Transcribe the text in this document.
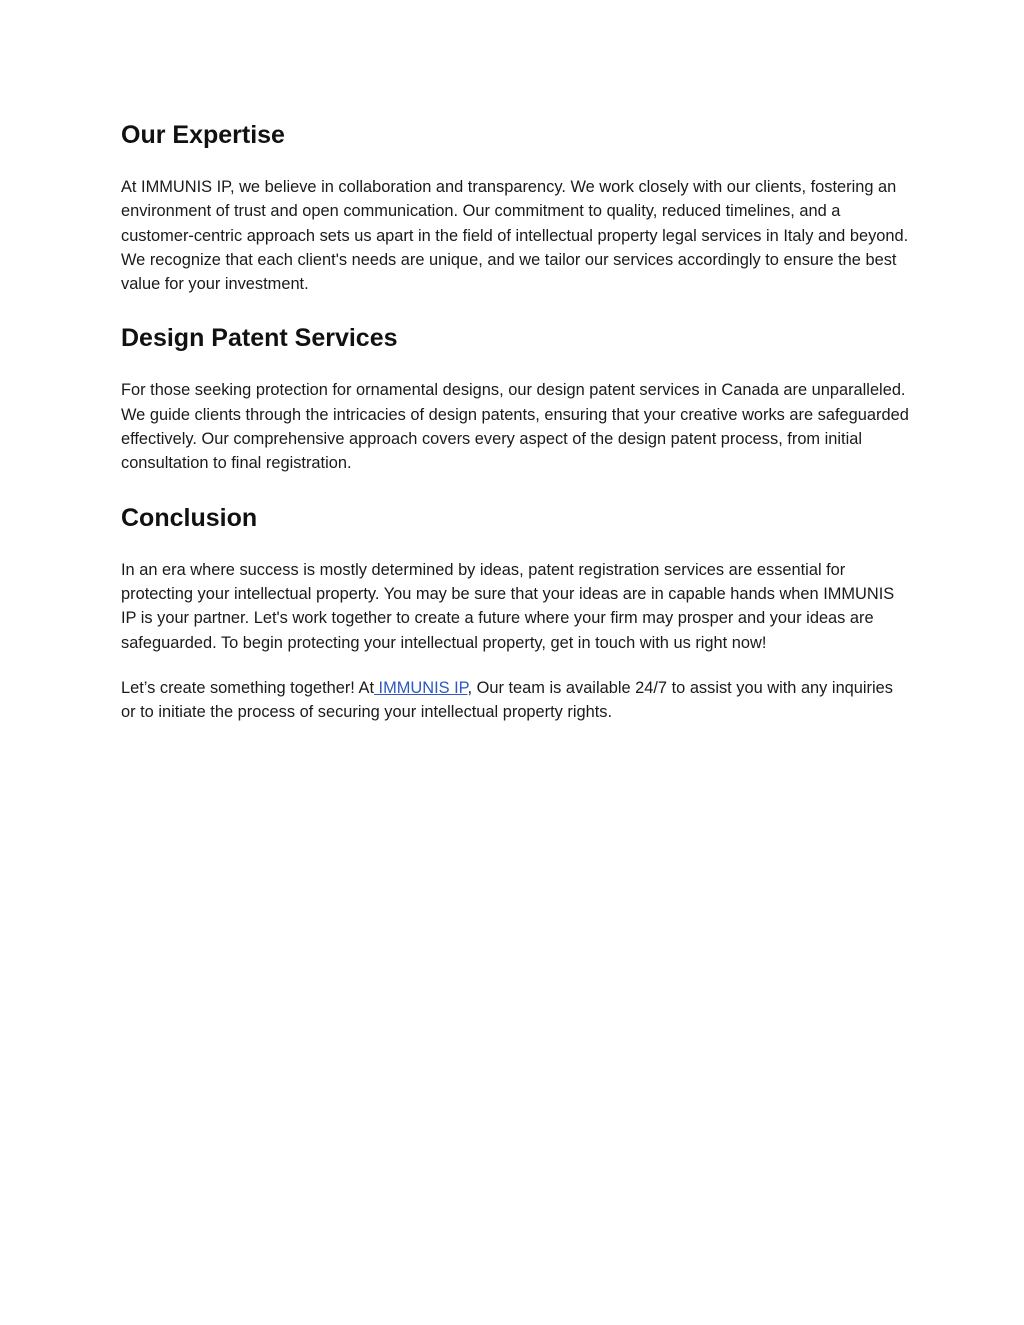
Our Expertise

At IMMUNIS IP, we believe in collaboration and transparency. We work closely with our clients, fostering an environment of trust and open communication. Our commitment to quality, reduced timelines, and a customer-centric approach sets us apart in the field of intellectual property legal services in Italy and beyond. We recognize that each client's needs are unique, and we tailor our services accordingly to ensure the best value for your investment.

Design Patent Services

For those seeking protection for ornamental designs, our design patent services in Canada are unparalleled. We guide clients through the intricacies of design patents, ensuring that your creative works are safeguarded effectively. Our comprehensive approach covers every aspect of the design patent process, from initial consultation to final registration.

Conclusion

In an era where success is mostly determined by ideas, patent registration services are essential for protecting your intellectual property. You may be sure that your ideas are in capable hands when IMMUNIS IP is your partner. Let's work together to create a future where your firm may prosper and your ideas are safeguarded. To begin protecting your intellectual property, get in touch with us right now!

Let’s create something together! At IMMUNIS IP, Our team is available 24/7 to assist you with any inquiries or to initiate the process of securing your intellectual property rights.
